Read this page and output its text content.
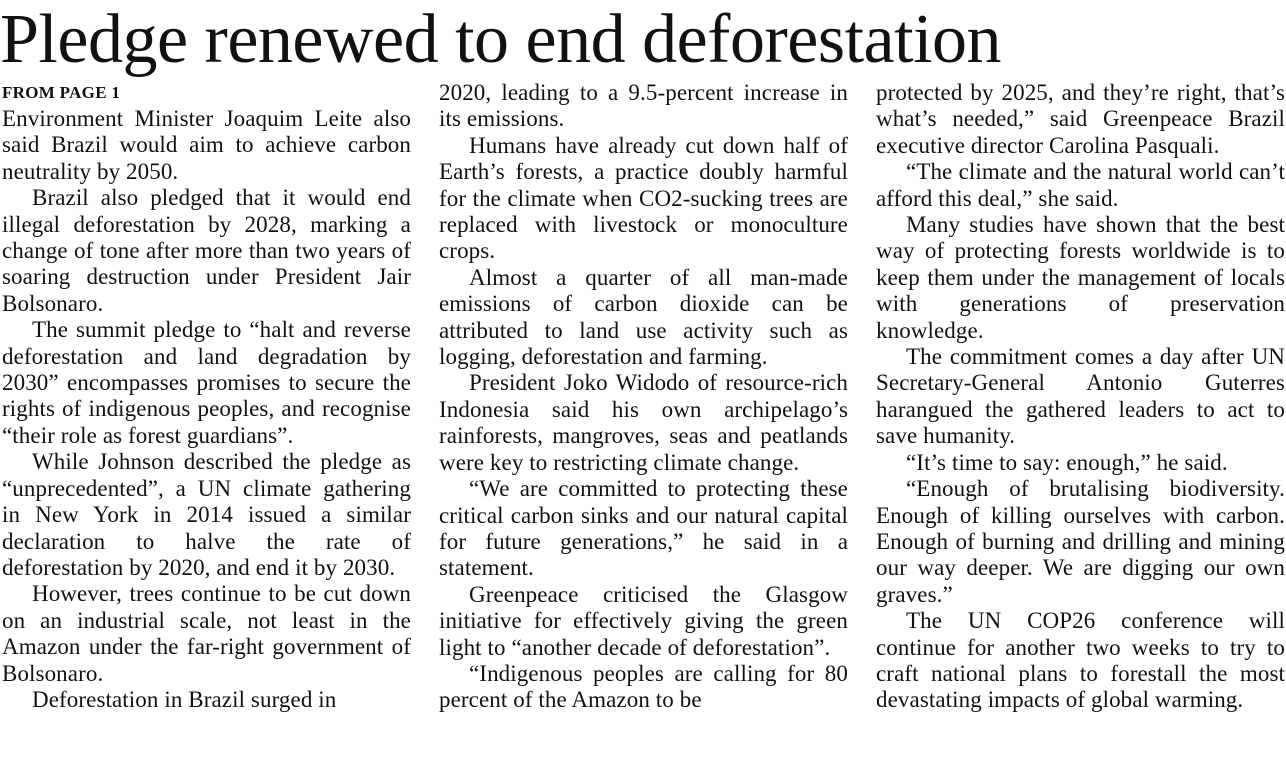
Pledge renewed to end deforestation
FROM PAGE 1

Environment Minister Joaquim Leite also said Brazil would aim to achieve carbon neutrality by 2050.

Brazil also pledged that it would end illegal deforestation by 2028, marking a change of tone after more than two years of soaring destruction under President Jair Bolsonaro.

The summit pledge to “halt and reverse deforestation and land degradation by 2030” encompasses promises to secure the rights of indigenous peoples, and recognise “their role as forest guardians”.

While Johnson described the pledge as “unprecedented”, a UN climate gathering in New York in 2014 issued a similar declaration to halve the rate of deforestation by 2020, and end it by 2030.

However, trees continue to be cut down on an industrial scale, not least in the Amazon under the far-right government of Bolsonaro.

Deforestation in Brazil surged in

2020, leading to a 9.5-percent increase in its emissions.

Humans have already cut down half of Earth’s forests, a practice doubly harmful for the climate when CO2-sucking trees are replaced with livestock or monoculture crops.

Almost a quarter of all man-made emissions of carbon dioxide can be attributed to land use activity such as logging, deforestation and farming.

President Joko Widodo of resource-rich Indonesia said his own archipelago’s rainforests, mangroves, seas and peatlands were key to restricting climate change.

“We are committed to protecting these critical carbon sinks and our natural capital for future generations,” he said in a statement.

Greenpeace criticised the Glasgow initiative for effectively giving the green light to “another decade of deforestation”.

“Indigenous peoples are calling for 80 percent of the Amazon to be

protected by 2025, and they’re right, that’s what’s needed,” said Greenpeace Brazil executive director Carolina Pasquali.

“The climate and the natural world can’t afford this deal,” she said.

Many studies have shown that the best way of protecting forests worldwide is to keep them under the management of locals with generations of preservation knowledge.

The commitment comes a day after UN Secretary-General Antonio Guterres harangued the gathered leaders to act to save humanity.

“It’s time to say: enough,” he said.

“Enough of brutalising biodiversity. Enough of killing ourselves with carbon. Enough of burning and drilling and mining our way deeper. We are digging our own graves.”

The UN COP26 conference will continue for another two weeks to try to craft national plans to forestall the most devastating impacts of global warming.
